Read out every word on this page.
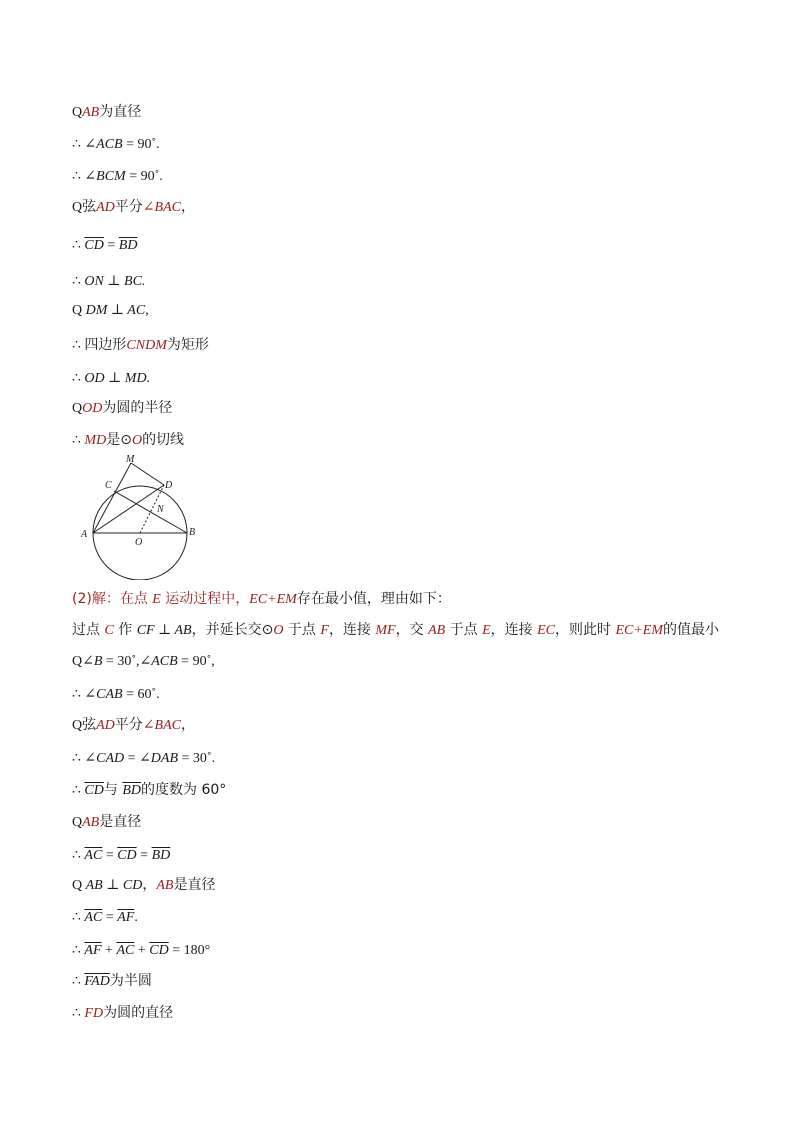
QAB为直径
∴ ∠ACB = 90˚.
∴ ∠BCM = 90˚.
Q弦AD平分∠BAC，
∴ $\overline{CD} = \overline{BD}$
∴ ON ⊥ BC.
Q DM ⊥ AC,
∴ 四边形CNDM为矩形
∴ OD ⊥ MD.
QOD为圆的半径
∴ MD是⊙O的切线
(2)解：在点 E 运动过程中，EC+EM存在最小值，理由如下：
过点 C 作 CF ⊥ AB，并延长交⊙O 于点 F，连接 MF，交 AB 于点 E，连接 EC，则此时 EC+EM的值最小
Q∠B = 30˚,∠ACB = 90˚,
∴ ∠CAB = 60˚.
Q弦AD平分∠BAC，
∴ ∠CAD = ∠DAB = 30˚.
∴ $\overline{CD}$与 $\overline{BD}$的度数为 60°
QAB是直径
∴ $\overline{AC} = \overline{CD} = \overline{BD}$
Q AB ⊥ CD，AB是直径
∴ $\overline{AC} = \overline{AF}$.
∴ $\overline{AF} + \overline{AC} + \overline{CD} = 180^\circ$
∴ $\overline{FAD}$为半圆
∴ FD为圆的直径
M
C	D
N
A	B
O
